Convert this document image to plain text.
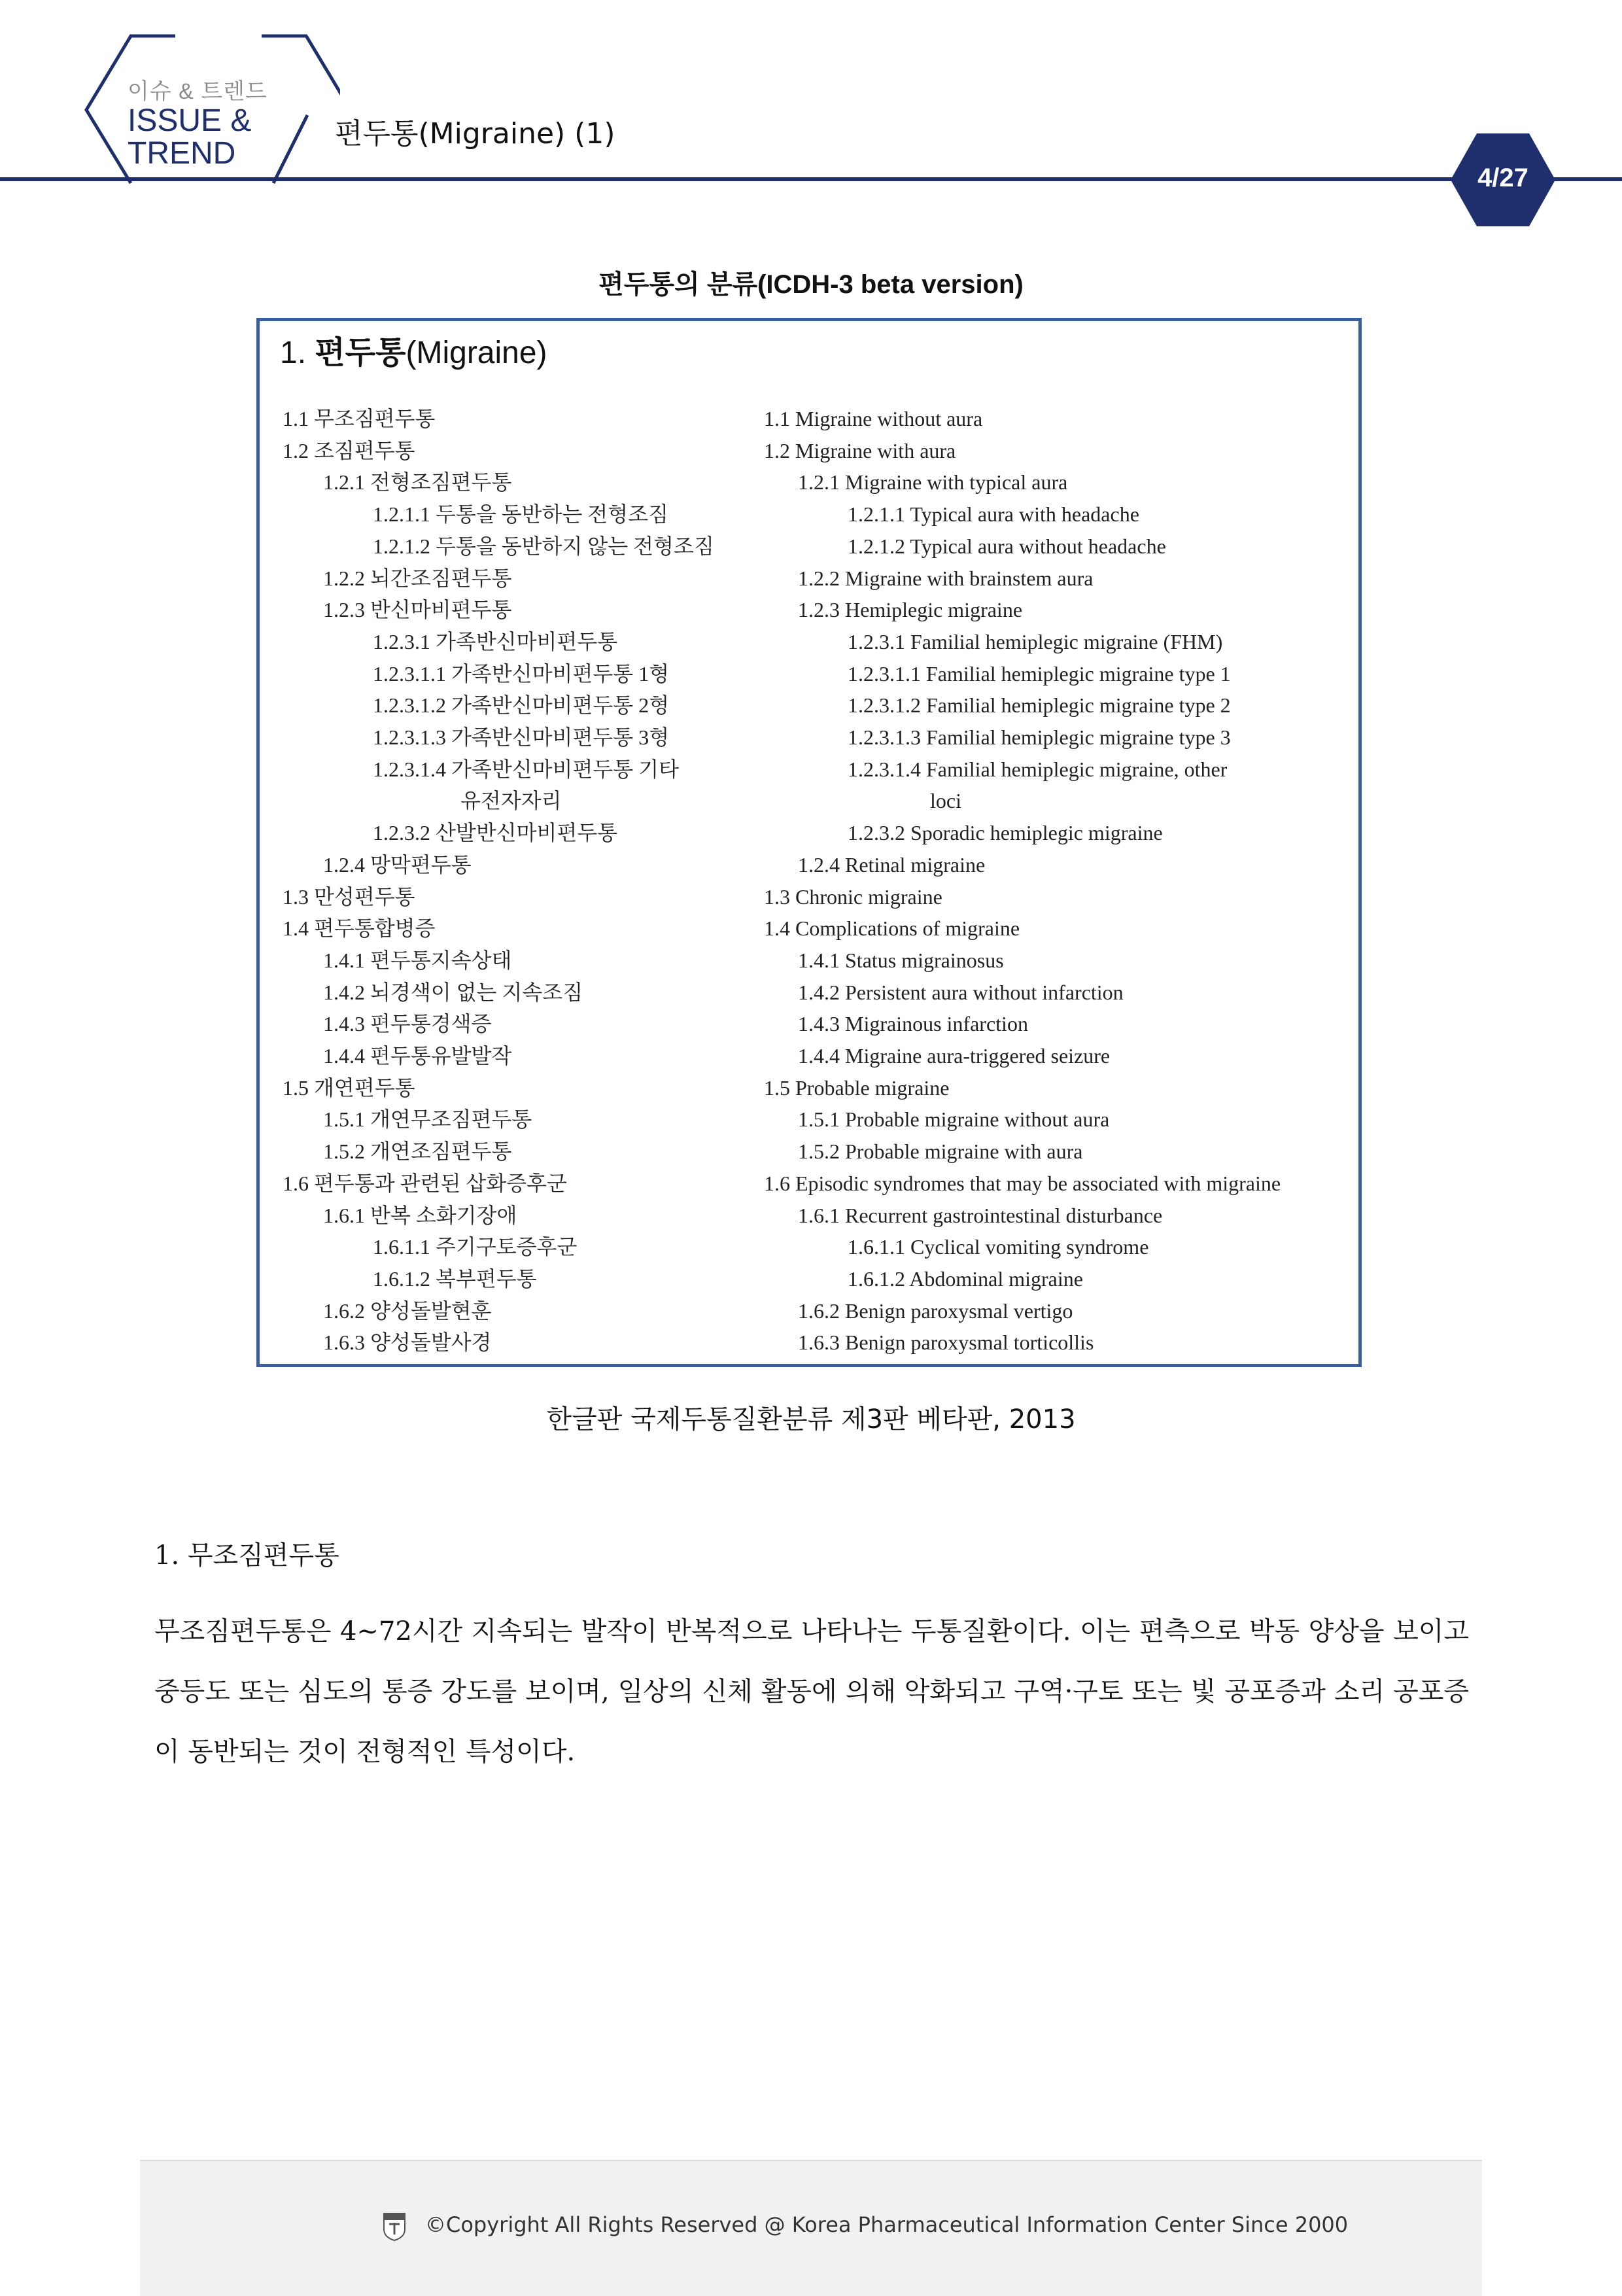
이슈 & 트렌드
ISSUE &
TREND
편두통(Migraine) (1)
4/27
편두통의 분류(ICDH-3 beta version)
1. 편두통(Migraine)
1.1 무조짐편두통
1.2 조짐편두통
1.2.1 전형조짐편두통
1.2.1.1 두통을 동반하는 전형조짐
1.2.1.2 두통을 동반하지 않는 전형조짐
1.2.2 뇌간조짐편두통
1.2.3 반신마비편두통
1.2.3.1 가족반신마비편두통
1.2.3.1.1 가족반신마비편두통 1형
1.2.3.1.2 가족반신마비편두통 2형
1.2.3.1.3 가족반신마비편두통 3형
1.2.3.1.4 가족반신마비편두통 기타
유전자자리
1.2.3.2 산발반신마비편두통
1.2.4 망막편두통
1.3 만성편두통
1.4 편두통합병증
1.4.1 편두통지속상태
1.4.2 뇌경색이 없는 지속조짐
1.4.3 편두통경색증
1.4.4 편두통유발발작
1.5 개연편두통
1.5.1 개연무조짐편두통
1.5.2 개연조짐편두통
1.6 편두통과 관련된 삽화증후군
1.6.1 반복 소화기장애
1.6.1.1 주기구토증후군
1.6.1.2 복부편두통
1.6.2 양성돌발현훈
1.6.3 양성돌발사경
1.1 Migraine without aura
1.2 Migraine with aura
1.2.1 Migraine with typical aura
1.2.1.1 Typical aura with headache
1.2.1.2 Typical aura without headache
1.2.2 Migraine with brainstem aura
1.2.3 Hemiplegic migraine
1.2.3.1 Familial hemiplegic migraine (FHM)
1.2.3.1.1 Familial hemiplegic migraine type 1
1.2.3.1.2 Familial hemiplegic migraine type 2
1.2.3.1.3 Familial hemiplegic migraine type 3
1.2.3.1.4 Familial hemiplegic migraine, other
loci
1.2.3.2 Sporadic hemiplegic migraine
1.2.4 Retinal migraine
1.3 Chronic migraine
1.4 Complications of migraine
1.4.1 Status migrainosus
1.4.2 Persistent aura without infarction
1.4.3 Migrainous infarction
1.4.4 Migraine aura-triggered seizure
1.5 Probable migraine
1.5.1 Probable migraine without aura
1.5.2 Probable migraine with aura
1.6 Episodic syndromes that may be associated with migraine
1.6.1 Recurrent gastrointestinal disturbance
1.6.1.1 Cyclical vomiting syndrome
1.6.1.2 Abdominal migraine
1.6.2 Benign paroxysmal vertigo
1.6.3 Benign paroxysmal torticollis
한글판 국제두통질환분류 제3판 베타판, 2013
1. 무조짐편두통
무조짐편두통은 4∼72시간 지속되는 발작이 반복적으로 나타나는 두통질환이다. 이는 편측으로 박동 양상을 보이고 중등도 또는 심도의 통증 강도를 보이며, 일상의 신체 활동에 의해 악화되고 구역·구토 또는 빛 공포증과 소리 공포증이 동반되는 것이 전형적인 특성이다.
©Copyright All Rights Reserved @ Korea Pharmaceutical Information Center Since 2000
